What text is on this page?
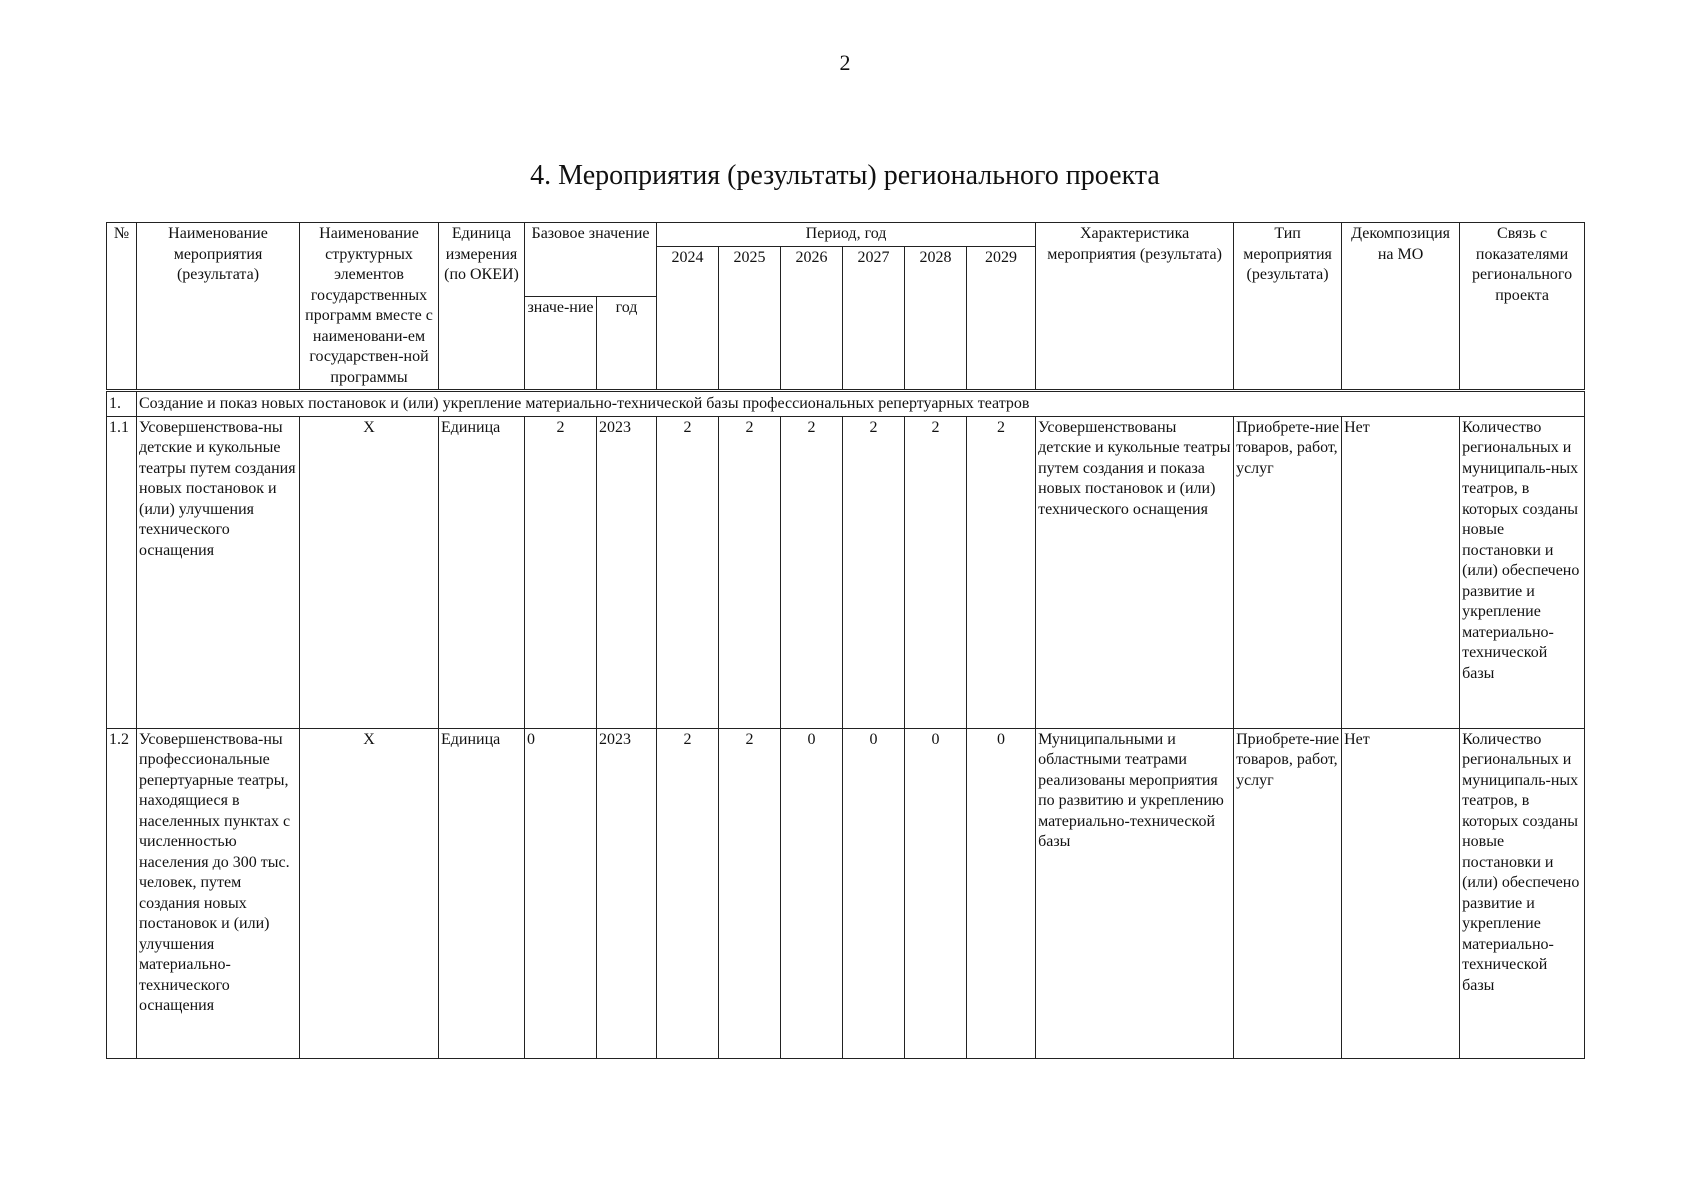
2
4. Мероприятия (результаты) регионального проекта
№	Наименование мероприятия (результата)	Наименование структурных элементов государственных программ вместе с наименовани-ем государствен-ной программы	Единица измерения (по ОКЕИ)	Базовое значение		Период, год						Характеристика мероприятия (результата)	Тип мероприятия (результата)	Декомпозиция на МО	Связь с показателями регионального проекта
						2024	2025	2026	2027	2028	2029				
				значе-ние	год										
1.	Создание и показ новых постановок и (или) укрепление материально-технической базы профессиональных репертуарных театров														
1.1	Усовершенствова-ны детские и кукольные театры путем создания новых постановок и (или) улучшения технического оснащения	Х	Единица	2	2023	2	2	2	2	2	2	Усовершенствованы детские и кукольные театры путем создания и показа новых постановок и (или) технического оснащения	Приобрете-ние товаров, работ, услуг	Нет	Количество региональных и муниципаль-ных театров, в которых созданы новые постановки и (или) обеспечено развитие и укрепление материально-технической базы
1.2	Усовершенствова-ны профессиональные репертуарные театры, находящиеся в населенных пунктах с численностью населения до 300 тыс. человек, путем создания новых постановок и (или) улучшения материально-технического оснащения	Х	Единица	0	2023	2	2	0	0	0	0	Муниципальными и областными театрами реализованы мероприятия по развитию и укреплению материально-технической базы	Приобрете-ние товаров, работ, услуг	Нет	Количество региональных и муниципаль-ных театров, в которых созданы новые постановки и (или) обеспечено развитие и укрепление материально-технической базы
